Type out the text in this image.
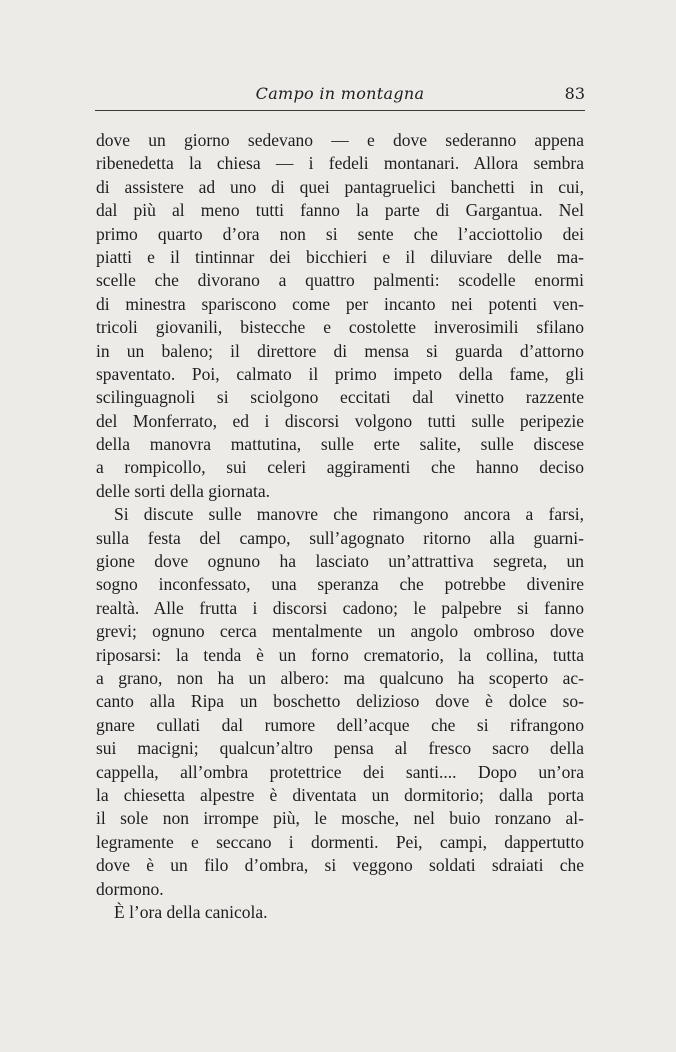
Campo in montagna	83
dove un giorno sedevano — e dove sederanno appena
ribenedetta la chiesa — i fedeli montanari. Allora sembra
di assistere ad uno di quei pantagruelici banchetti in cui,
dal più al meno tutti fanno la parte di Gargantua. Nel
primo quarto d’ora non si sente che l’acciottolio dei
piatti e il tintinnar dei bicchieri e il diluviare delle ma-
scelle che divorano a quattro palmenti: scodelle enormi
di minestra spariscono come per incanto nei potenti ven-
tricoli giovanili, bistecche e costolette inverosimili sfilano
in un baleno; il direttore di mensa si guarda d’attorno
spaventato. Poi, calmato il primo impeto della fame, gli
scilinguagnoli si sciolgono eccitati dal vinetto razzente
del Monferrato, ed i discorsi volgono tutti sulle peripezie
della manovra mattutina, sulle erte salite, sulle discese
a rompicollo, sui celeri aggiramenti che hanno deciso
delle sorti della giornata.
Si discute sulle manovre che rimangono ancora a farsi,
sulla festa del campo, sull’agognato ritorno alla guarni-
gione dove ognuno ha lasciato un’attrattiva segreta, un
sogno inconfessato, una speranza che potrebbe divenire
realtà. Alle frutta i discorsi cadono; le palpebre si fanno
grevi; ognuno cerca mentalmente un angolo ombroso dove
riposarsi: la tenda è un forno crematorio, la collina, tutta
a grano, non ha un albero: ma qualcuno ha scoperto ac-
canto alla Ripa un boschetto delizioso dove è dolce so-
gnare cullati dal rumore dell’acque che si rifrangono
sui macigni; qualcun’altro pensa al fresco sacro della
cappella, all’ombra protettrice dei santi.... Dopo un’ora
la chiesetta alpestre è diventata un dormitorio; dalla porta
il sole non irrompe più, le mosche, nel buio ronzano al-
legramente e seccano i dormenti. Pei, campi, dappertutto
dove è un filo d’ombra, si veggono soldati sdraiati che
dormono.
È l’ora della canicola.
